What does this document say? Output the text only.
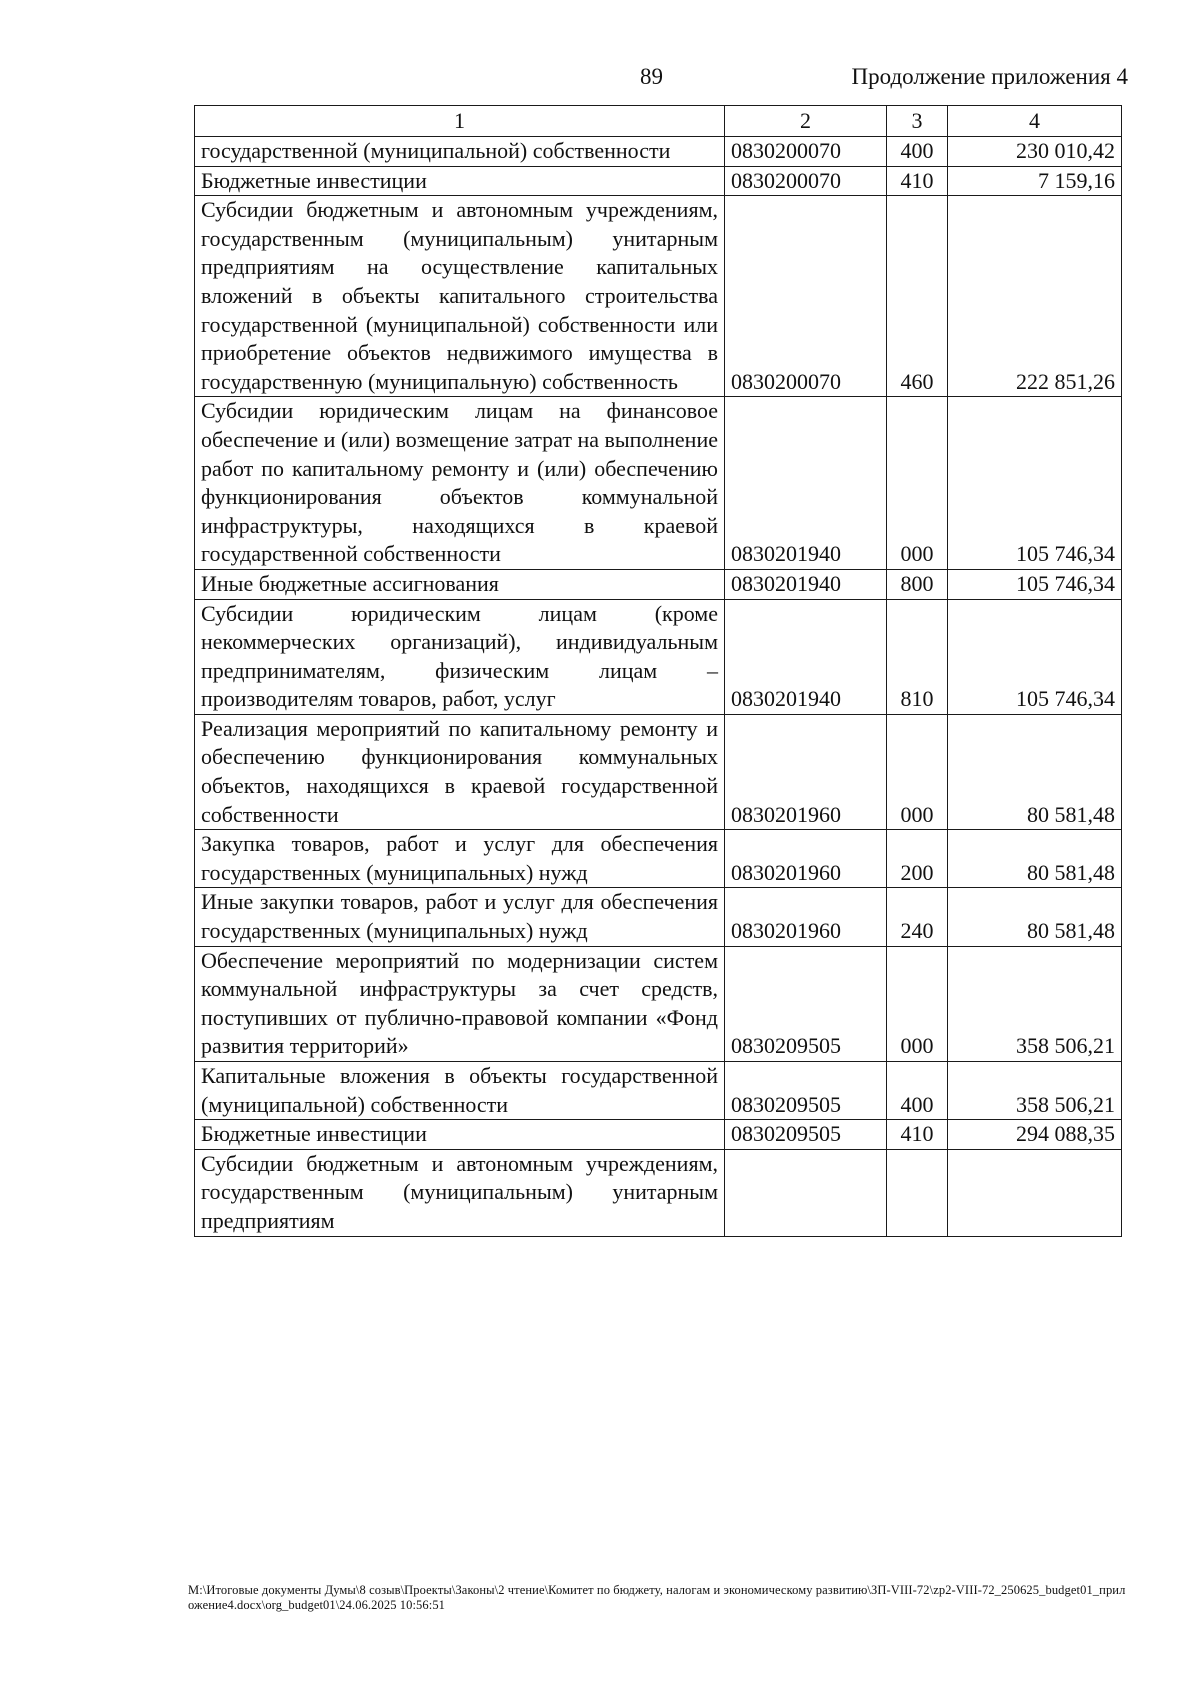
89	Продолжение приложения 4
1	2	3	4
государственной (муниципальной) собственности	0830200070	400	230 010,42
Бюджетные инвестиции	0830200070	410	7 159,16
Субсидии бюджетным и автономным учреждениям, государственным (муниципальным) унитарным предприятиям на осуществление капитальных вложений в объекты капитального строительства государственной (муниципальной) собственности или приобретение объектов недвижимого имущества в государственную (муниципальную) собственность	0830200070	460	222 851,26
Субсидии юридическим лицам на финансовое обеспечение и (или) возмещение затрат на выполнение работ по капитальному ремонту и (или) обеспечению функционирования объектов коммунальной инфраструктуры, находящихся в краевой государственной собственности	0830201940	000	105 746,34
Иные бюджетные ассигнования	0830201940	800	105 746,34
Субсидии юридическим лицам (кроме некоммерческих организаций), индивидуальным предпринимателям, физическим лицам – производителям товаров, работ, услуг	0830201940	810	105 746,34
Реализация мероприятий по капитальному ремонту и обеспечению функционирования коммунальных объектов, находящихся в краевой государственной собственности	0830201960	000	80 581,48
Закупка товаров, работ и услуг для обеспечения государственных (муниципальных) нужд	0830201960	200	80 581,48
Иные закупки товаров, работ и услуг для обеспечения государственных (муниципальных) нужд	0830201960	240	80 581,48
Обеспечение мероприятий по модернизации систем коммунальной инфраструктуры за счет средств, поступивших от публично-правовой компании «Фонд развития территорий»	0830209505	000	358 506,21
Капитальные вложения в объекты государственной (муниципальной) собственности	0830209505	400	358 506,21
Бюджетные инвестиции	0830209505	410	294 088,35
Субсидии бюджетным и автономным учреждениям, государственным (муниципальным) унитарным предприятиям			
M:\Итоговые документы Думы\8 созыв\Проекты\Законы\2 чтение\Комитет по бюджету, налогам и экономическому развитию\ЗП-VIII-72\zp2-VIII-72_250625_budget01_приложение4.docx\org_budget01\24.06.2025 10:56:51
